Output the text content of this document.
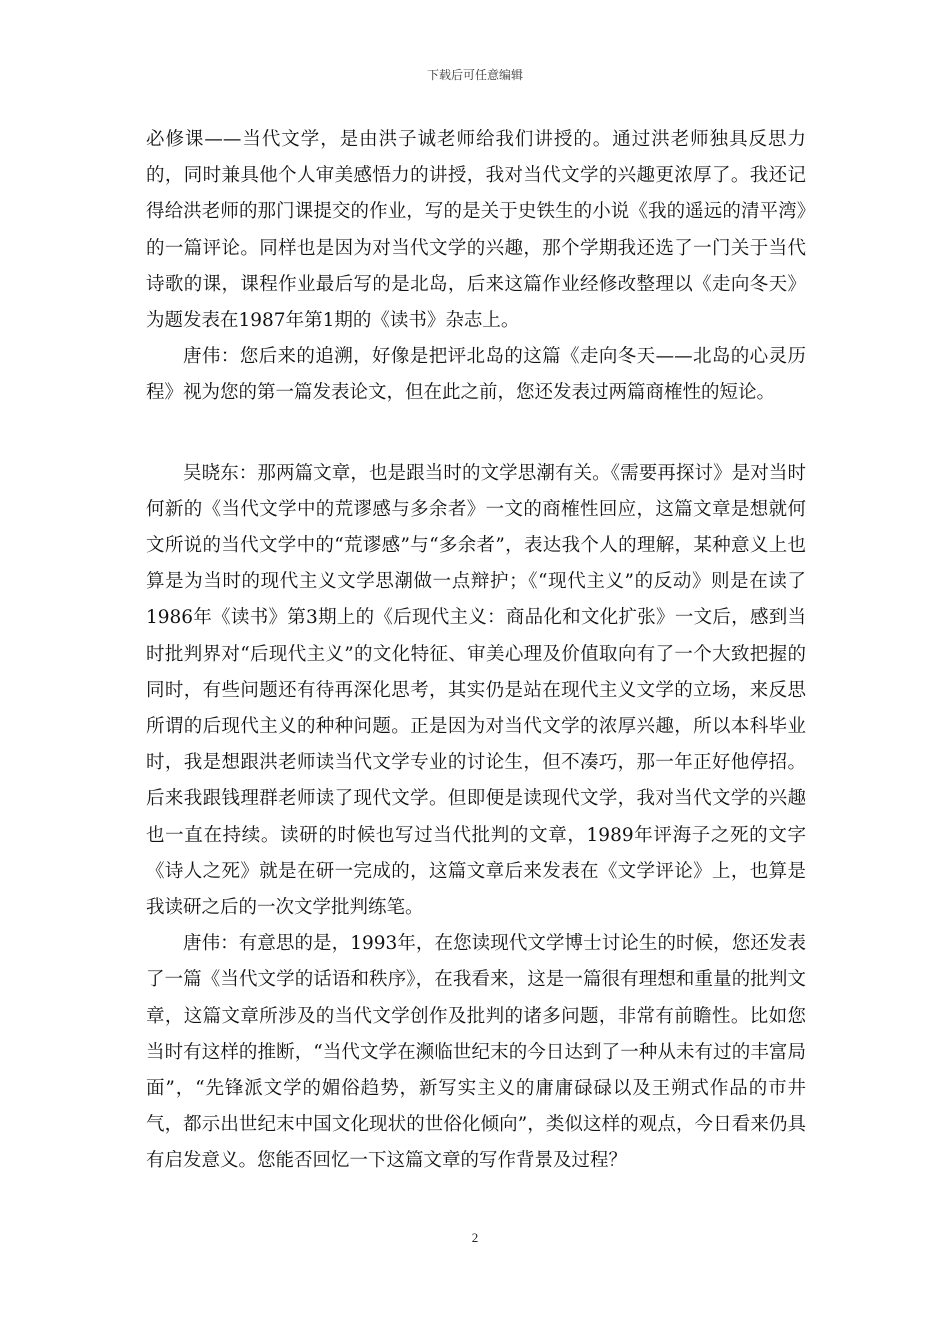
下载后可任意编辑

必修课——当代文学，是由洪子诚老师给我们讲授的。通过洪老师独具反思力的，同时兼具他个人审美感悟力的讲授，我对当代文学的兴趣更浓厚了。我还记得给洪老师的那门课提交的作业，写的是关于史铁生的小说《我的遥远的清平湾》的一篇评论。同样也是因为对当代文学的兴趣，那个学期我还选了一门关于当代诗歌的课，课程作业最后写的是北岛，后来这篇作业经修改整理以《走向冬天》为题发表在1987年第1期的《读书》杂志上。

唐伟：您后来的追溯，好像是把评北岛的这篇《走向冬天——北岛的心灵历程》视为您的第一篇发表论文，但在此之前，您还发表过两篇商榷性的短论。

吴晓东：那两篇文章，也是跟当时的文学思潮有关。《需要再探讨》是对当时何新的《当代文学中的荒谬感与多余者》一文的商榷性回应，这篇文章是想就何文所说的当代文学中的“荒谬感”与“多余者”，表达我个人的理解，某种意义上也算是为当时的现代主义文学思潮做一点辩护；《“现代主义”的反动》则是在读了1986年《读书》第3期上的《后现代主义：商品化和文化扩张》一文后，感到当时批判界对“后现代主义”的文化特征、审美心理及价值取向有了一个大致把握的同时，有些问题还有待再深化思考，其实仍是站在现代主义文学的立场，来反思所谓的后现代主义的种种问题。正是因为对当代文学的浓厚兴趣，所以本科毕业时，我是想跟洪老师读当代文学专业的讨论生，但不凑巧，那一年正好他停招。后来我跟钱理群老师读了现代文学。但即便是读现代文学，我对当代文学的兴趣也一直在持续。读研的时候也写过当代批判的文章，1989年评海子之死的文字《诗人之死》就是在研一完成的，这篇文章后来发表在《文学评论》上，也算是我读研之后的一次文学批判练笔。

唐伟：有意思的是，1993年，在您读现代文学博士讨论生的时候，您还发表了一篇《当代文学的话语和秩序》，在我看来，这是一篇很有理想和重量的批判文章，这篇文章所涉及的当代文学创作及批判的诸多问题，非常有前瞻性。比如您当时有这样的推断，“当代文学在濒临世纪末的今日达到了一种从未有过的丰富局面”，“先锋派文学的媚俗趋势，新写实主义的庸庸碌碌以及王朔式作品的市井气，都示出世纪末中国文化现状的世俗化倾向”，类似这样的观点，今日看来仍具有启发意义。您能否回忆一下这篇文章的写作背景及过程？

2
